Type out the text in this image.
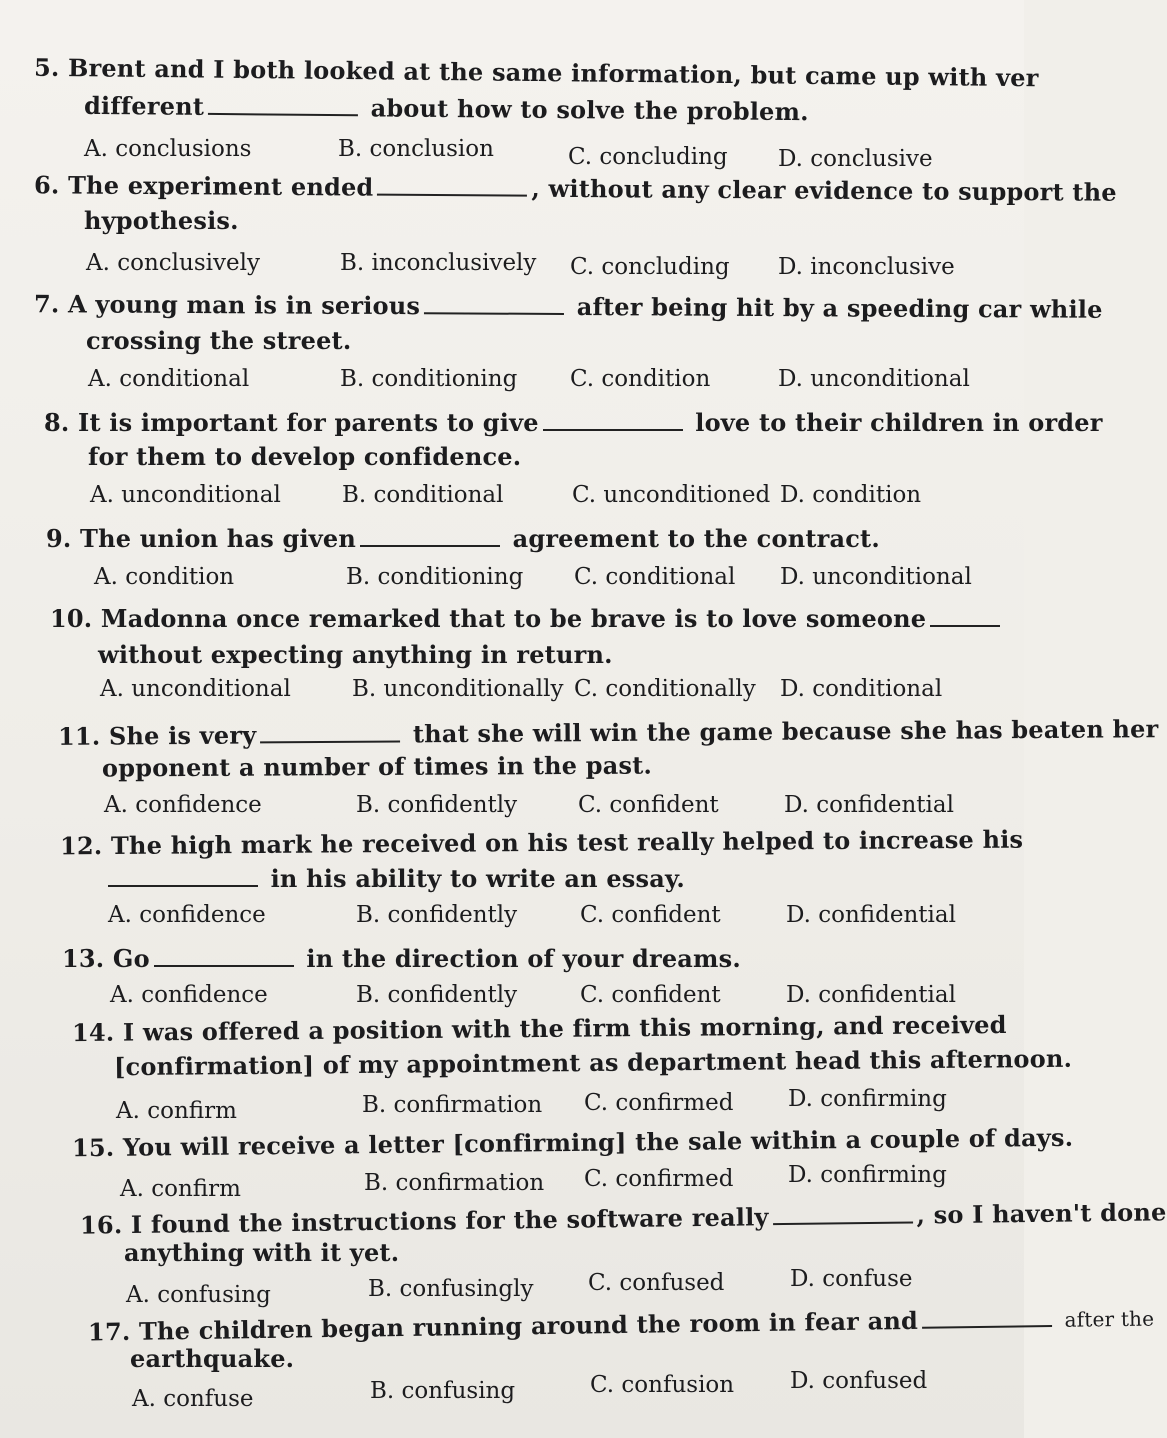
5. Brent and I both looked at the same information, but came up with ver
different	about how to solve the problem.
A. conclusions	B. conclusion	C. concluding D. conclusive
6. The experiment ended	, without any clear evidence to support the
hypothesis.
A. conclusively	B. inconclusively C. concluding D. inconclusive
7. A young man is in serious	after being hit by a speeding car while
crossing the street.
A. conditional	B. conditioning C. condition	D. unconditional
8. It is important for parents to give	love to their children in order
for them to develop confidence.
A. unconditional	B. conditional	C. unconditioned D. condition
9. The union has given	agreement to the contract.
A. condition	B. conditioning C. conditional D. unconditional
10. Madonna once remarked that to be brave is to love someone
without expecting anything in return.
A. unconditional	B. unconditionally C. conditionally D. conditional
11. She is very	that she will win the game because she has beaten her
opponent a number of times in the past.
A. confidence	B. confidently	C. confident	D. confidential
12. The high mark he received on his test really helped to increase his
in his ability to write an essay.
A. confidence	B. confidently	C. confident	D. confidential
13. Go	in the direction of your dreams.
A. confidence	B. confidently	C. confident	D. confidential
14. I was offered a position with the firm this morning, and received
[confirmation] of my appointment as department head this afternoon.
A. confirm	B. confirmation C. confirmed D. confirming
15. You will receive a letter [confirming] the sale within a couple of days.
A. confirm	B. confirmation C. confirmed D. confirming
16. I found the instructions for the software really	, so I haven't done
anything with it yet.
A. confusing	B. confusingly C. confused	D. confuse
17. The children began running around the room in fear and	after the
earthquake.
A. confuse	B. confusing	C. confusion D. confused
